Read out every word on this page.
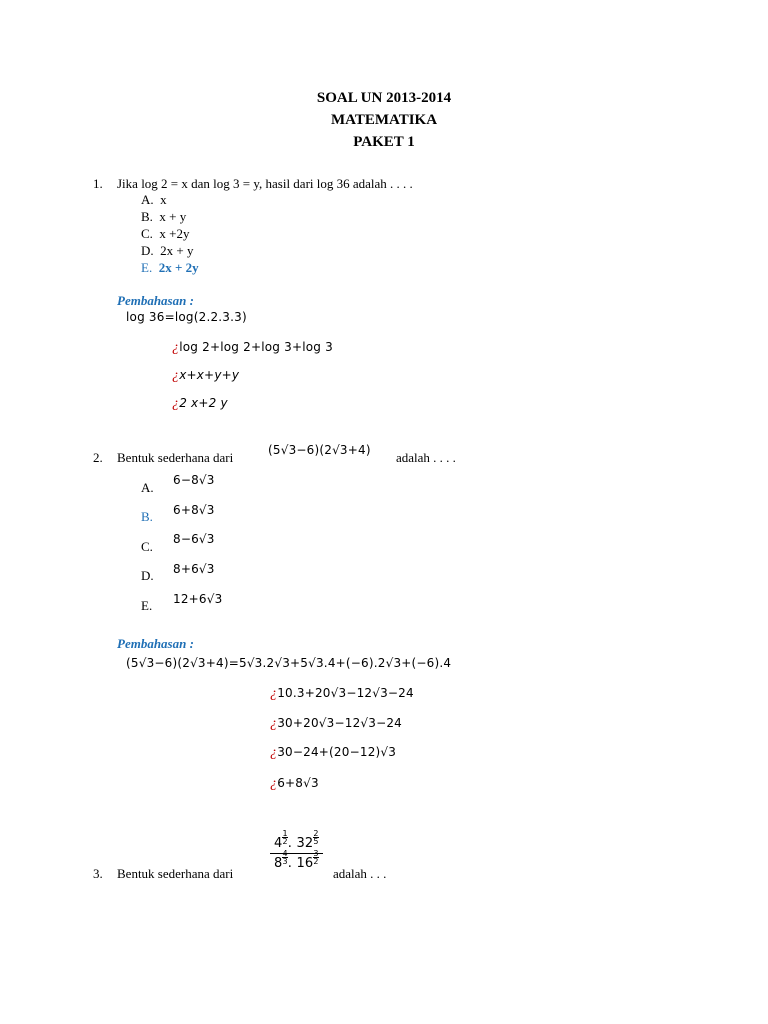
SOAL UN 2013-2014
MATEMATIKA
PAKET 1
1. Jika log 2 = x dan log 3 = y, hasil dari log 36 adalah . . . .
A. x
B. x + y
C. x +2y
D. 2x + y
E. 2x + 2y
Pembahasan :
log 36=log(2.2.3.3)
¿log 2+log 2+log 3+log 3
¿x+x+y+y
¿2 x+2 y
2. Bentuk sederhana dari	(5√3−6)(2√3+4) adalah . . . .
A. 6−8√3
B. 6+8√3
C. 8−6√3
D. 8+6√3
E. 12+6√3
Pembahasan :
(5√3−6)(2√3+4)=5√3.2√3+5√3.4+(−6).2√3+(−6).4
¿10.3+20√3−12√3−24
¿30+20√3−12√3−24
¿30−24+(20−12)√3
¿6+8√3
3. Bentuk sederhana dari
$\frac{4 \frac{1}{2} . 32 \frac{2}{5}}{8 \frac{4}{3} . 16 \frac{3}{2}}$
adalah . . .
